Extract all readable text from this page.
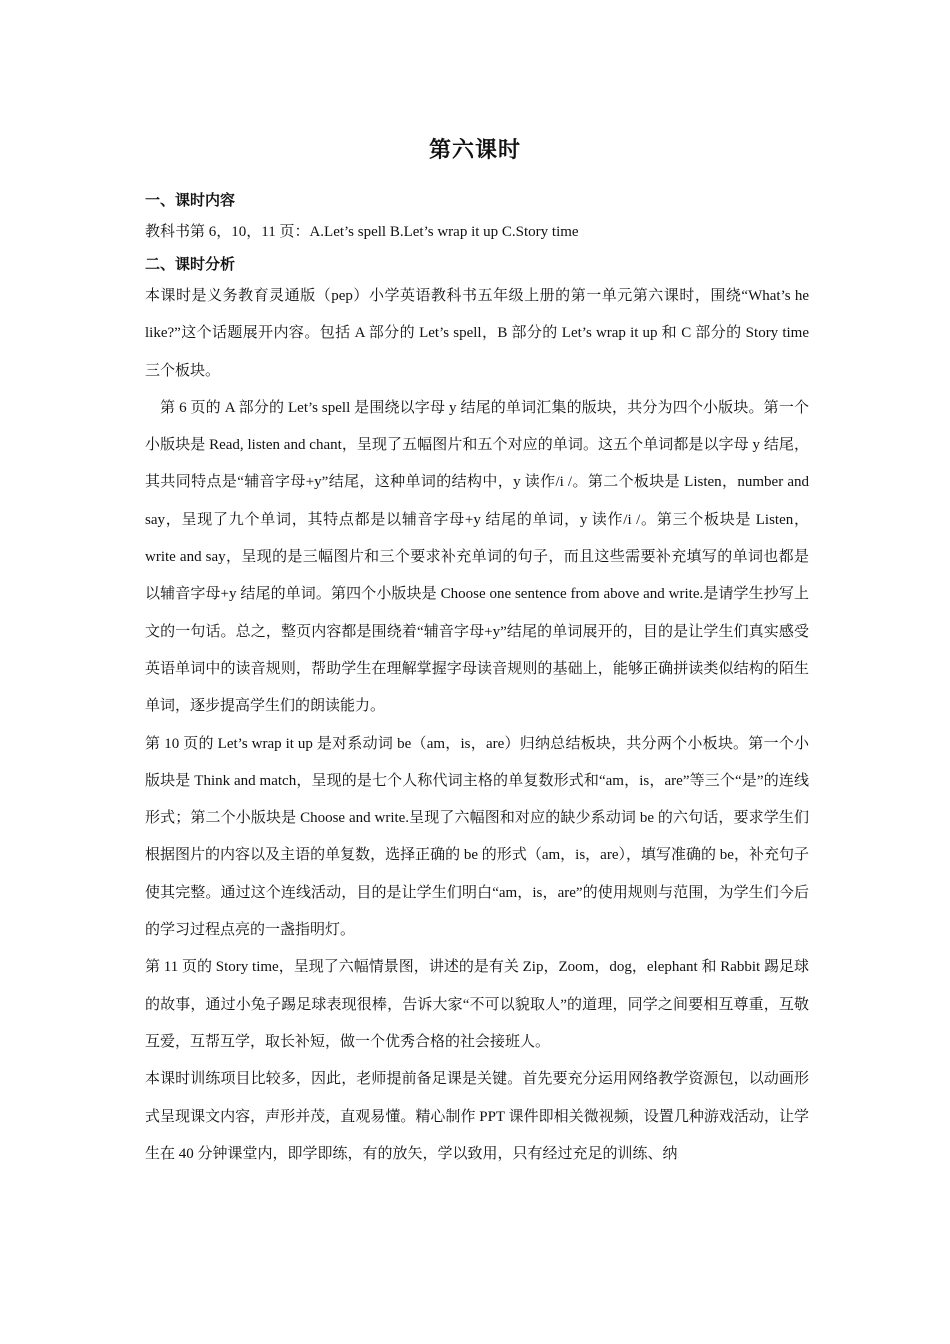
第六课时

一、课时内容

教科书第 6，10，11 页：A.Let’s spell B.Let’s wrap it up C.Story time

二、课时分析

本课时是义务教育灵通版（pep）小学英语教科书五年级上册的第一单元第六课时，围绕“What’s he like?”这个话题展开内容。包括 A 部分的 Let’s spell，B 部分的 Let’s wrap it up 和 C 部分的 Story time 三个板块。

第 6 页的 A 部分的 Let’s spell 是围绕以字母 y 结尾的单词汇集的版块，共分为四个小版块。第一个小版块是 Read, listen and chant，呈现了五幅图片和五个对应的单词。这五个单词都是以字母 y 结尾，其共同特点是“辅音字母+y”结尾，这种单词的结构中，y 读作/i /。第二个板块是 Listen，number and say，呈现了九个单词，其特点都是以辅音字母+y 结尾的单词，y 读作/i /。第三个板块是 Listen，write and say，呈现的是三幅图片和三个要求补充单词的句子，而且这些需要补充填写的单词也都是以辅音字母+y 结尾的单词。第四个小版块是 Choose one sentence from above and write.是请学生抄写上文的一句话。总之，整页内容都是围绕着“辅音字母+y”结尾的单词展开的，目的是让学生们真实感受英语单词中的读音规则，帮助学生在理解掌握字母读音规则的基础上，能够正确拼读类似结构的陌生单词，逐步提高学生们的朗读能力。

第 10 页的 Let’s wrap it up 是对系动词 be（am，is，are）归纳总结板块，共分两个小板块。第一个小版块是 Think and match，呈现的是七个人称代词主格的单复数形式和“am，is，are”等三个“是”的连线形式；第二个小版块是 Choose and write.呈现了六幅图和对应的缺少系动词 be 的六句话，要求学生们根据图片的内容以及主语的单复数，选择正确的 be 的形式（am，is，are），填写准确的 be，补充句子使其完整。通过这个连线活动，目的是让学生们明白“am，is，are”的使用规则与范围，为学生们今后的学习过程点亮的一盏指明灯。

第 11 页的 Story time，呈现了六幅情景图，讲述的是有关 Zip，Zoom，dog，elephant 和 Rabbit 踢足球的故事，通过小兔子踢足球表现很棒，告诉大家“不可以貌取人”的道理，同学之间要相互尊重，互敬互爱，互帮互学，取长补短，做一个优秀合格的社会接班人。

本课时训练项目比较多，因此，老师提前备足课是关键。首先要充分运用网络教学资源包，以动画形式呈现课文内容，声形并茂，直观易懂。精心制作 PPT 课件即相关微视频，设置几种游戏活动，让学生在 40 分钟课堂内，即学即练，有的放矢，学以致用，只有经过充足的训练、纳
